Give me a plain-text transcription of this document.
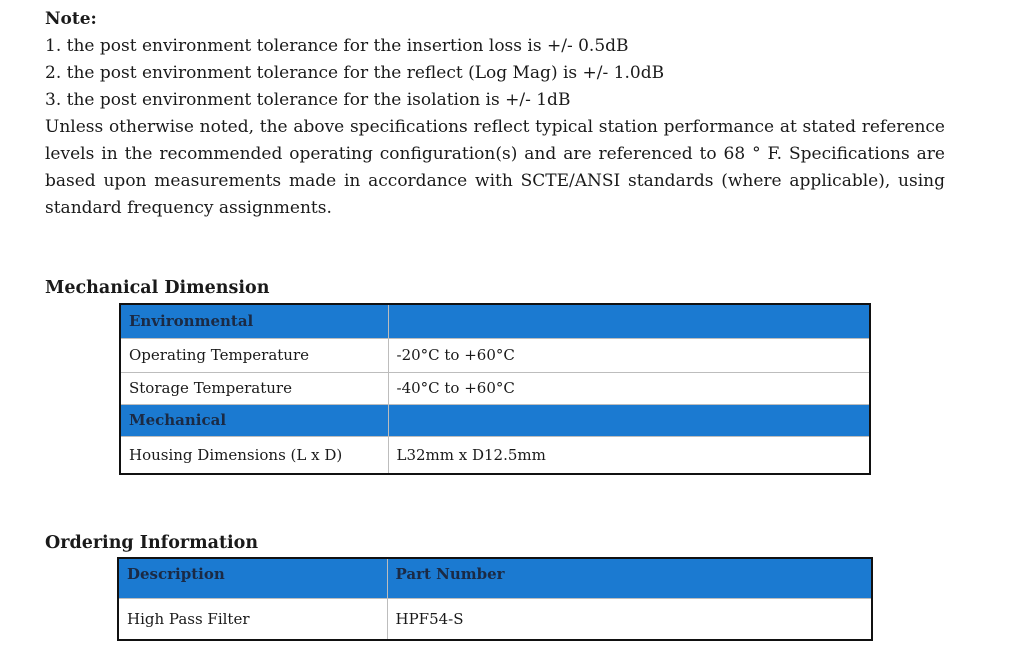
Note:
1. the post environment tolerance for the insertion loss is +/- 0.5dB
2. the post environment tolerance for the reflect (Log Mag) is +/- 1.0dB
3. the post environment tolerance for the isolation is +/- 1dB
Unless otherwise noted, the above specifications reflect typical station performance at stated reference levels in the recommended operating configuration(s) and are referenced to 68 ° F. Specifications are based upon measurements made in accordance with SCTE/ANSI standards (where applicable), using standard frequency assignments.
Mechanical Dimension
Environmental	
Operating Temperature	-20°C to +60°C
Storage Temperature	-40°C to +60°C
Mechanical	
Housing Dimensions (L x D)	L32mm x D12.5mm
Ordering Information
Description	Part Number
High Pass Filter	HPF54-S
